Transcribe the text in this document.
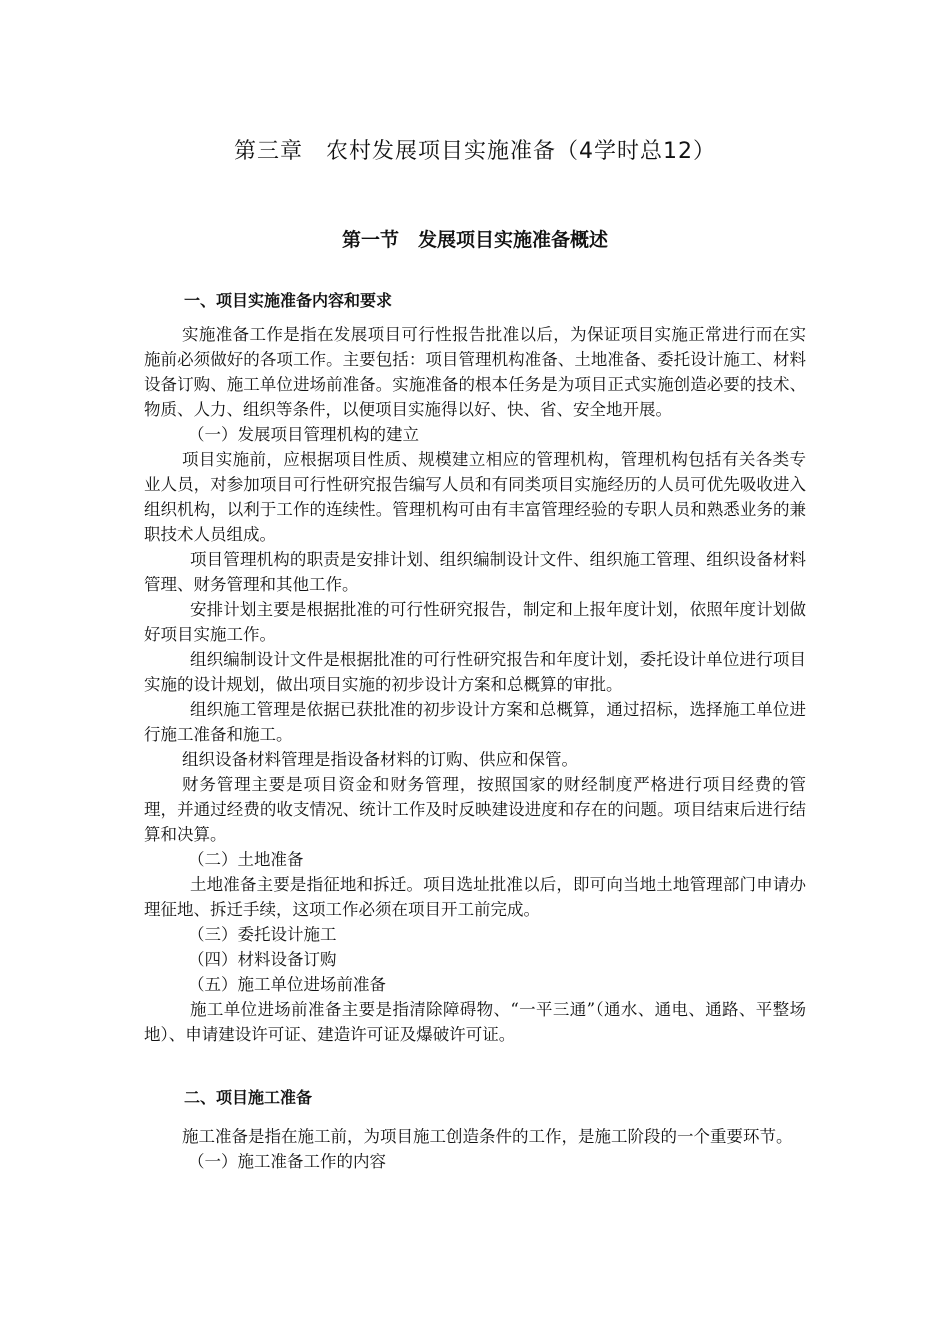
第三章　农村发展项目实施准备（4学时总12）
第一节　发展项目实施准备概述

一、项目实施准备内容和要求

实施准备工作是指在发展项目可行性报告批准以后，为保证项目实施正常进行而在实施前必须做好的各项工作。主要包括：项目管理机构准备、土地准备、委托设计施工、材料设备订购、施工单位进场前准备。实施准备的根本任务是为项目正式实施创造必要的技术、物质、人力、组织等条件，以便项目实施得以好、快、省、安全地开展。

（一）发展项目管理机构的建立

项目实施前，应根据项目性质、规模建立相应的管理机构，管理机构包括有关各类专业人员，对参加项目可行性研究报告编写人员和有同类项目实施经历的人员可优先吸收进入组织机构，以利于工作的连续性。管理机构可由有丰富管理经验的专职人员和熟悉业务的兼职技术人员组成。

项目管理机构的职责是安排计划、组织编制设计文件、组织施工管理、组织设备材料管理、财务管理和其他工作。

安排计划主要是根据批准的可行性研究报告，制定和上报年度计划，依照年度计划做好项目实施工作。

组织编制设计文件是根据批准的可行性研究报告和年度计划，委托设计单位进行项目实施的设计规划，做出项目实施的初步设计方案和总概算的审批。

组织施工管理是依据已获批准的初步设计方案和总概算，通过招标，选择施工单位进行施工准备和施工。

组织设备材料管理是指设备材料的订购、供应和保管。

财务管理主要是项目资金和财务管理，按照国家的财经制度严格进行项目经费的管理，并通过经费的收支情况、统计工作及时反映建设进度和存在的问题。项目结束后进行结算和决算。

（二）土地准备

土地准备主要是指征地和拆迁。项目选址批准以后，即可向当地土地管理部门申请办理征地、拆迁手续，这项工作必须在项目开工前完成。

（三）委托设计施工

（四）材料设备订购

（五）施工单位进场前准备

施工单位进场前准备主要是指清除障碍物、“一平三通”（通水、通电、通路、平整场地）、申请建设许可证、建造许可证及爆破许可证。

二、项目施工准备

施工准备是指在施工前，为项目施工创造条件的工作，是施工阶段的一个重要环节。

（一）施工准备工作的内容
